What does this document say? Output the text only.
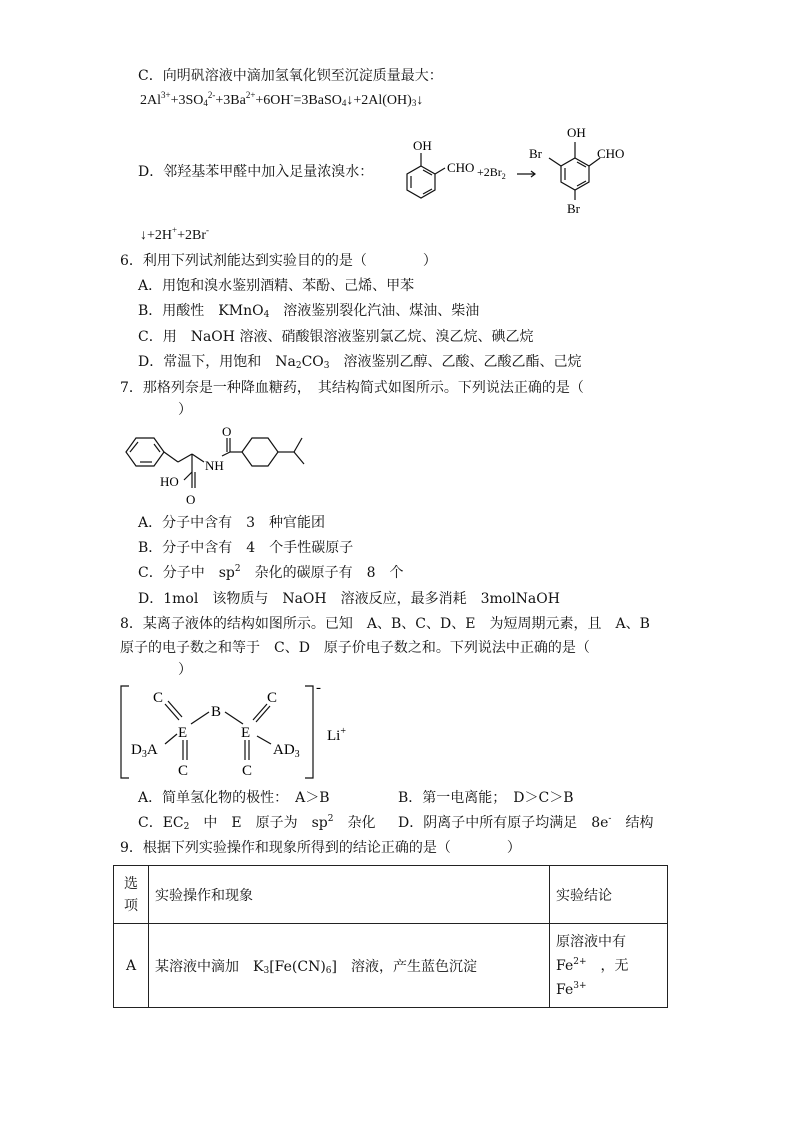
C．向明矾溶液中滴加氢氧化钡至沉淀质量最大：
$2Al^{3+}+3SO_4^{2-}+3Ba^{2+}+6OH^-=3BaSO_4↓+2Al(OH)_3↓$
D．邻羟基苯甲醛中加入足量浓溴水：
OH
CHO $+2Br_2$
OH
CHO
Br
Br
↓+2H++2Br-
6．利用下列试剂能达到实验目的的是（　　　　）
A．用饱和溴水鉴别酒精、苯酚、己烯、甲苯
B．用酸性　KMnO$_4$　溶液鉴别裂化汽油、煤油、柴油
C．用　NaOH 溶液、硝酸银溶液鉴别氯乙烷、溴乙烷、碘乙烷
D．常温下，用饱和　$Na_2CO_3$　溶液鉴别乙醇、乙酸、乙酸乙酯、己烷
7．那格列奈是一种降血糖药，　其结构简式如图所示。下列说法正确的是（
）
NH
O
HO
O
A．分子中含有　3　种官能团
B．分子中含有　4　个手性碳原子
C．分子中　$sp^2$　杂化的碳原子有　8　个
D．1mol　该物质与　NaOH　溶液反应，最多消耗　3molNaOH
8．某离子液体的结构如图所示。已知　A、B、C、D、E　为短周期元素，且　A、B
原子的电子数之和等于　C、D　原子价电子数之和。下列说法中正确的是（
）
C
B
C
E	E
$D_3A$	$AD_3$
C	C
-
Li+
A．简单氢化物的极性：　A＞B	B．第一电离能；　D＞C＞B
C．$EC_2$　中　E　原子为　$sp^2$　杂化 D．阴离子中所有原子均满足　8e-　结构
9．根据下列实验操作和现象所得到的结论正确的是（　　　　）
选
项	实验操作和现象	实验结论
A	某溶液中滴加　$K_3[Fe(CN)_6]$　溶液，产生蓝色沉淀	原溶液中有
$Fe^{2+}$　，无
$Fe^{3+}$
